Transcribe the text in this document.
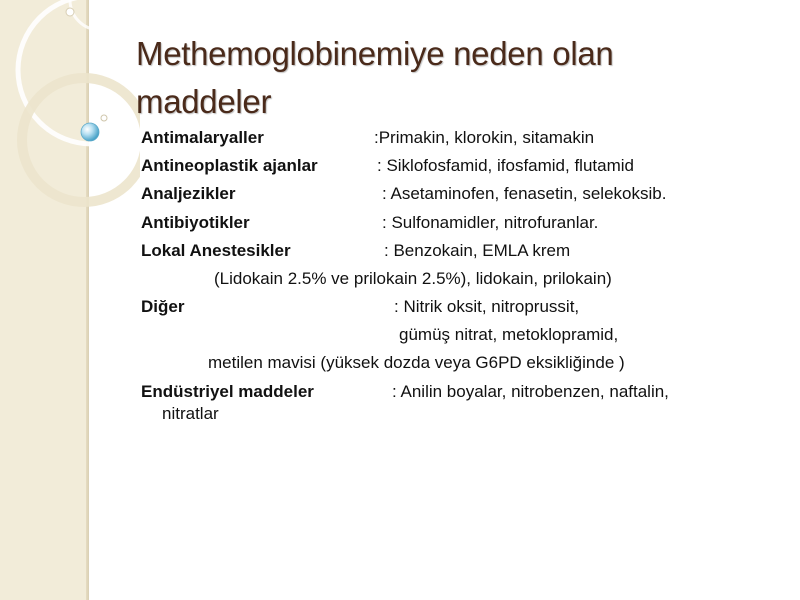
Methemoglobinemiye neden olan
maddeler
Antimalaryaller	:Primakin, klorokin, sitamakin
Antineoplastik ajanlar	: Siklofosfamid, ifosfamid, flutamid
Analjezikler	: Asetaminofen, fenasetin, selekoksib.
Antibiyotikler	: Sulfonamidler, nitrofuranlar.
Lokal Anestesikler	: Benzokain, EMLA krem
(Lidokain 2.5% ve prilokain 2.5%), lidokain, prilokain)
Diğer	: Nitrik oksit, nitroprussit,
gümüş nitrat, metoklopramid,
metilen mavisi (yüksek dozda veya G6PD eksikliğinde )
Endüstriyel maddeler	: Anilin boyalar, nitrobenzen, naftalin,
nitratlar
